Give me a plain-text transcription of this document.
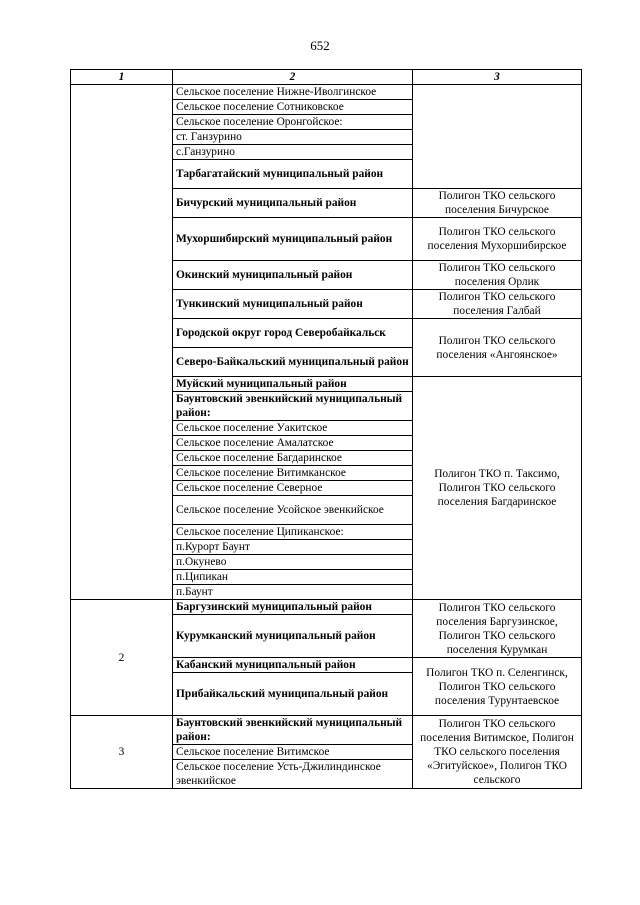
652
1	2	3
	Сельское поселение Нижне-Иволгинское	
	Сельское поселение Сотниковское	
	Сельское поселение Оронгойское:	
	ст. Ганзурино	
	с.Ганзурино	
	Тарбагатайский муниципальный район	
	Бичурский муниципальный район	Полигон ТКО сельского поселения Бичурское
	Мухоршибирский муниципальный район	Полигон ТКО сельского поселения Мухоршибирское
	Окинский муниципальный район	Полигон ТКО сельского поселения Орлик
	Тункинский муниципальный район	Полигон ТКО сельского поселения Галбай
	Городской округ город Северобайкальск	Полигон ТКО сельского поселения «Ангоянское»
	Северо-Байкальский муниципальный район	
	Муйский муниципальный район	Полигон ТКО п. Таксимо, Полигон ТКО сельского поселения Багдаринское
	Баунтовский эвенкийский муниципальный район:	
	Сельское поселение Уакитское	
	Сельское поселение Амалатское	
	Сельское поселение Багдаринское	
	Сельское поселение Витимканское	
	Сельское поселение Северное	
	Сельское поселение Усойское эвенкийское	
	Сельское поселение Ципиканское:	
	п.Курорт Баунт	
	п.Окунево	
	п.Ципикан	
	п.Баунт	
2	Баргузинский муниципальный район	Полигон ТКО сельского поселения Баргузинское, Полигон ТКО сельского поселения Курумкан
	Курумканский муниципальный район	
	Кабанский муниципальный район	Полигон ТКО п. Селенгинск, Полигон ТКО сельского поселения Турунтаевское
	Прибайкальский муниципальный район	
3	Баунтовский эвенкийский муниципальный район:	Полигон ТКО сельского поселения Витимское, Полигон ТКО сельского поселения «Эгитуйское», Полигон ТКО сельского
	Сельское поселение Витимское	
	Сельское поселение Усть-Джилиндинское эвенкийское	
